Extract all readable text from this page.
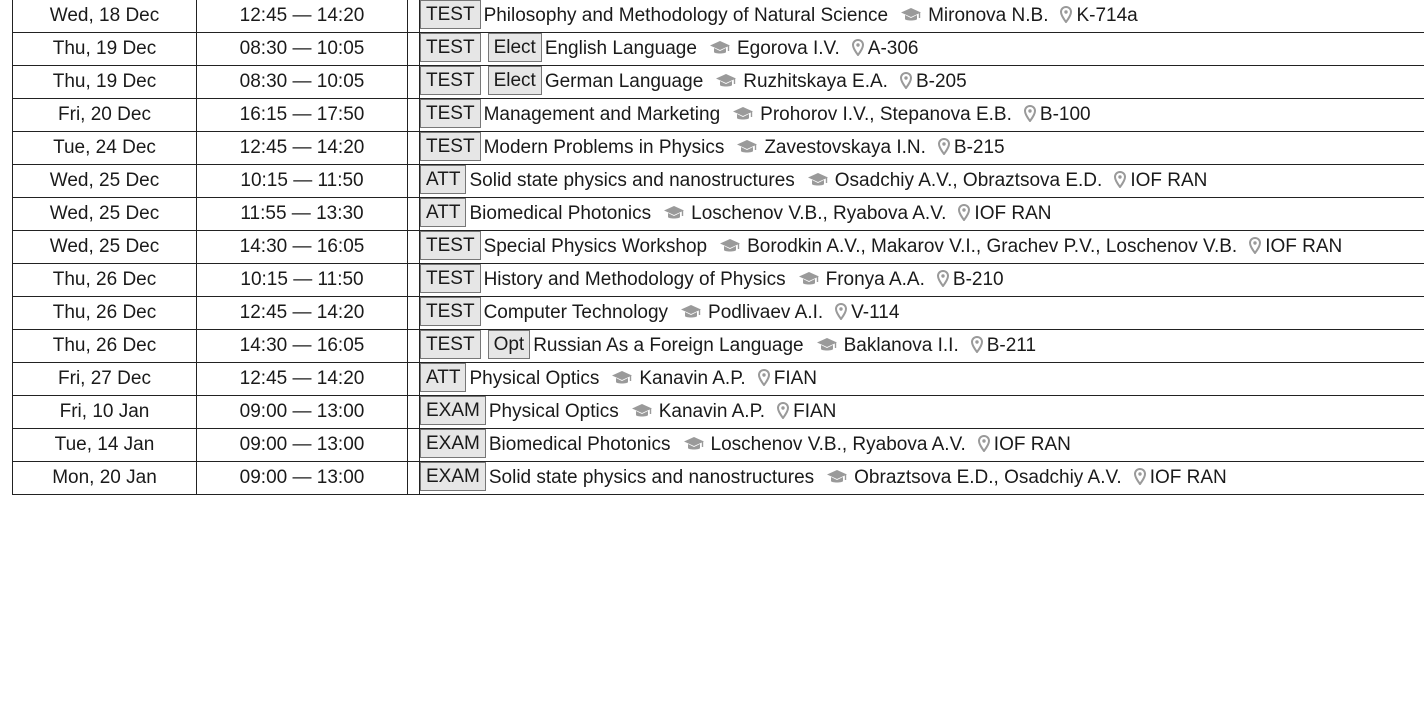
Wed, 18 Dec	12:45 — 14:20		TEST Philosophy and Methodology of Natural Science Mironova N.B. K-714a
Thu, 19 Dec	08:30 — 10:05		TEST Elect English Language Egorova I.V. A-306
Thu, 19 Dec	08:30 — 10:05		TEST Elect German Language Ruzhitskaya E.A. B-205
Fri, 20 Dec	16:15 — 17:50		TEST Management and Marketing Prohorov I.V., Stepanova E.B. B-100
Tue, 24 Dec	12:45 — 14:20		TEST Modern Problems in Physics Zavestovskaya I.N. B-215
Wed, 25 Dec	10:15 — 11:50		ATT Solid state physics and nanostructures Osadchiy A.V., Obraztsova E.D. IOF RAN
Wed, 25 Dec	11:55 — 13:30		ATT Biomedical Photonics Loschenov V.B., Ryabova A.V. IOF RAN
Wed, 25 Dec	14:30 — 16:05		TEST Special Physics Workshop Borodkin A.V., Makarov V.I., Grachev P.V., Loschenov V.B. IOF RAN
Thu, 26 Dec	10:15 — 11:50		TEST History and Methodology of Physics Fronya A.A. B-210
Thu, 26 Dec	12:45 — 14:20		TEST Computer Technology Podlivaev A.I. V-114
Thu, 26 Dec	14:30 — 16:05		TEST Opt Russian As a Foreign Language Baklanova I.I. B-211
Fri, 27 Dec	12:45 — 14:20		ATT Physical Optics Kanavin A.P. FIAN
Fri, 10 Jan	09:00 — 13:00		EXAM Physical Optics Kanavin A.P. FIAN
Tue, 14 Jan	09:00 — 13:00		EXAM Biomedical Photonics Loschenov V.B., Ryabova A.V. IOF RAN
Mon, 20 Jan	09:00 — 13:00		EXAM Solid state physics and nanostructures Obraztsova E.D., Osadchiy A.V. IOF RAN
